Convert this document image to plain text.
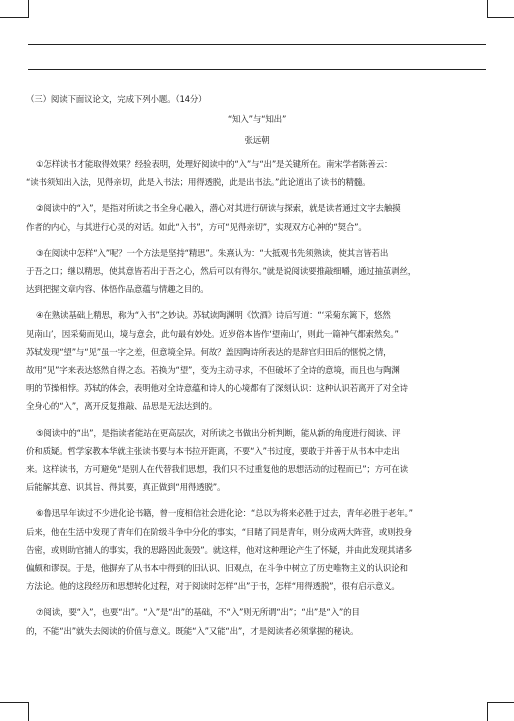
（三）阅读下面议论文，完成下列小题。（14分）

“知入”与“知出”

张远朝

①怎样读书才能取得效果？经验表明，处理好阅读中的“入”与“出”是关键所在。南宋学者陈善云：

“读书须知出入法，见得亲切，此是入书法；用得透脱，此是出书法。”此论道出了读书的精髓。

②阅读中的“入”，是指对所读之书全身心融入，潜心对其进行研读与探索，就是读者通过文字去触摸

作者的内心，与其进行心灵的对话。如此“入书”，方可“见得亲切”，实现双方心神的“契合”。

③在阅读中怎样“入”呢？一个方法是坚持“精思”。朱熹认为：“大抵观书先须熟读，使其言皆若出

于吾之口；继以精思，使其意皆若出于吾之心，然后可以有得尔。”就是说阅读要推敲细嚼，通过抽茧剥丝，

达到把握文章内容、体悟作品意蕴与情趣之目的。

④在熟读基础上精思，称为“入书”之妙诀。苏轼读陶渊明《饮酒》诗后写道：“‘采菊东篱下，悠然

见南山’，因采菊而见山，境与意会，此句最有妙处。近岁俗本皆作‘望南山’，则此一篇神气都索然矣。”

苏轼发现“望”与“见”虽一字之差，但意境全异。何故？盖因陶诗所表达的是辞官归田后的惬悦之情，

故用“见”字来表达悠然自得之态。若换为“望”，变为主动寻求，不但破坏了全诗的意境，而且也与陶渊

明的节操相悖。苏轼的体会，表明他对全诗意蕴和诗人的心境都有了深刻认识：这种认识若离开了对全诗

全身心的“入”，离开反复推敲、品思是无法达到的。

⑤阅读中的“出”，是指读者能站在更高层次，对所读之书做出分析判断，能从新的角度进行阅读、评

价和质疑。哲学家教本华就主张读书要与本书拉开距离，不要“入”书过度，要敢于并善于从书本中走出

来。这样读书，方可避免“是别人在代替我们思想，我们只不过重复他的思想活动的过程而已”；方可在读

后能解其意、识其旨、得其要，真正做到“用得透脱”。

⑥鲁迅早年读过不少进化论书籍，曾一度相信社会进化论：“总以为将来必胜于过去，青年必胜于老年。”

后来，他在生活中发现了青年们在阶级斗争中分化的事实，“目睹了同是青年，则分成两大阵营，或则投身

告密，或则助官捕人的事实，我的思路因此轰毁”。就这样，他对这种理论产生了怀疑，并由此发现其诸多

偏颇和谬误。于是，他摒弃了从书本中得到的旧认识、旧观点，在斗争中树立了历史唯物主义的认识论和

方法论。他的这段经历和思想转化过程，对于阅读时怎样“出”于书，怎样“用得透脱”，很有启示意义。

⑦阅读，要“入”，也要“出”。“入”是“出”的基础，不“入”则无所谓“出”；“出”是“入”的目

的，不能“出”就失去阅读的价值与意义。既能“入”又能“出”，才是阅读者必须掌握的秘诀。
